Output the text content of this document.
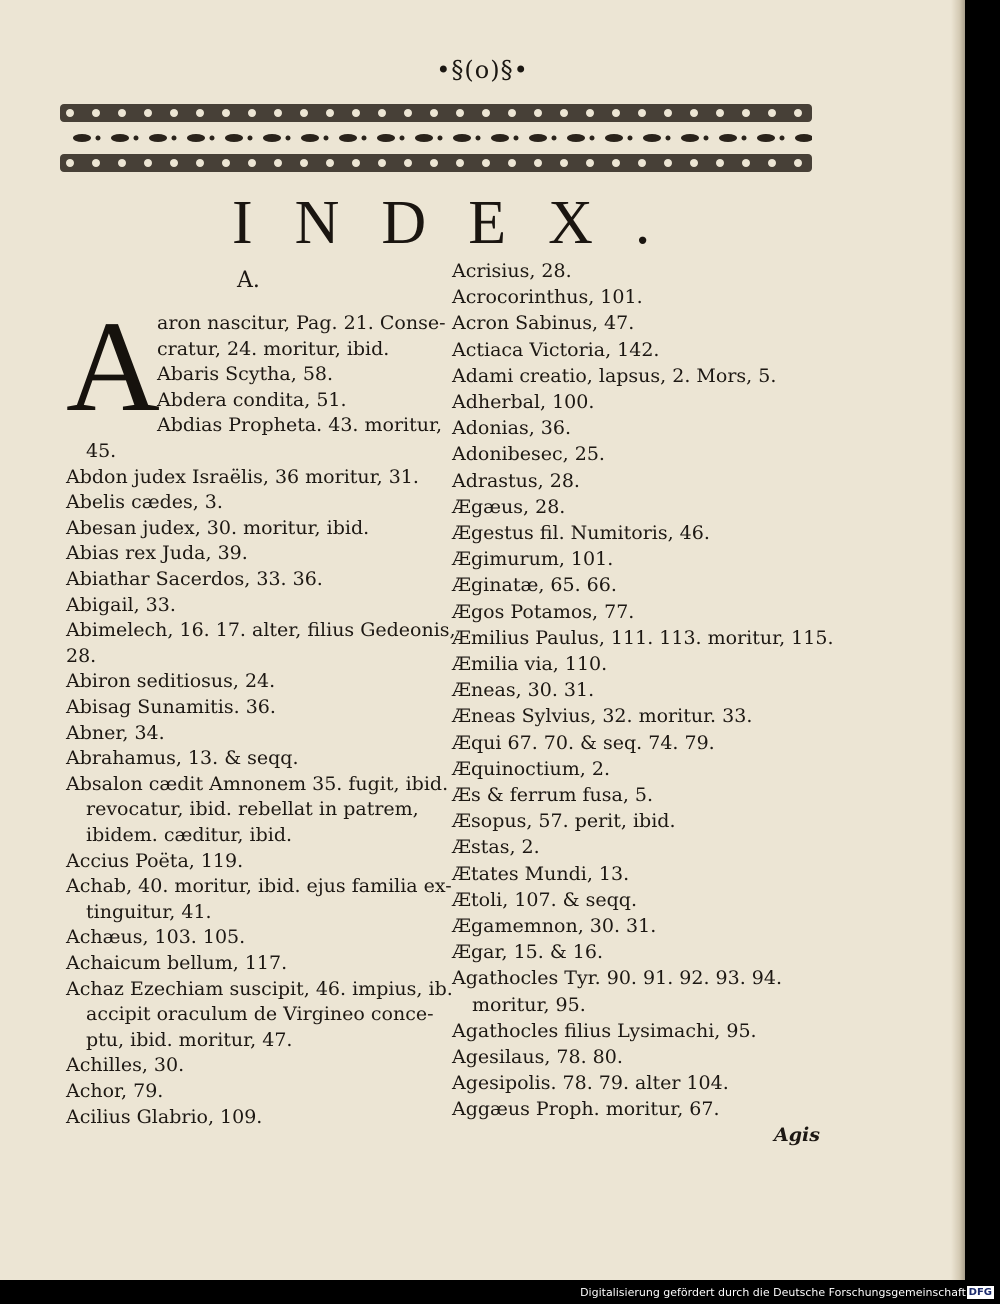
•§(o)§•
INDEX.
A.
A
aron nascitur, Pag. 21. Conse-
cratur, 24. moritur, ibid.
Abaris Scytha, 58.
Abdera condita, 51.
Abdias Propheta. 43. moritur,
45.
Abdon judex Israëlis, 36 moritur, 31.
Abelis cædes, 3.
Abesan judex, 30. moritur, ibid.
Abias rex Juda, 39.
Abiathar Sacerdos, 33. 36.
Abigail, 33.
Abimelech, 16. 17. alter, filius Gedeonis,
28.
Abiron seditiosus, 24.
Abisag Sunamitis. 36.
Abner, 34.
Abrahamus, 13. & seqq.
Absalon cædit Amnonem 35. fugit, ibid.
revocatur, ibid. rebellat in patrem,
ibidem. cæditur, ibid.
Accius Poëta, 119.
Achab, 40. moritur, ibid. ejus familia ex-
tinguitur, 41.
Achæus, 103. 105.
Achaicum bellum, 117.
Achaz Ezechiam suscipit, 46. impius, ib.
accipit oraculum de Virgineo conce-
ptu, ibid. moritur, 47.
Achilles, 30.
Achor, 79.
Acilius Glabrio, 109.
Acrisius, 28.
Acrocorinthus, 101.
Acron Sabinus, 47.
Actiaca Victoria, 142.
Adami creatio, lapsus, 2. Mors, 5.
Adherbal, 100.
Adonias, 36.
Adonibesec, 25.
Adrastus, 28.
Ægæus, 28.
Ægestus fil. Numitoris, 46.
Ægimurum, 101.
Æginatæ, 65. 66.
Ægos Potamos, 77.
Æmilius Paulus, 111. 113. moritur, 115.
Æmilia via, 110.
Æneas, 30. 31.
Æneas Sylvius, 32. moritur. 33.
Æqui 67. 70. & seq. 74. 79.
Æquinoctium, 2.
Æs & ferrum fusa, 5.
Æsopus, 57. perit, ibid.
Æstas, 2.
Ætates Mundi, 13.
Ætoli, 107. & seqq.
Ægamemnon, 30. 31.
Ægar, 15. & 16.
Agathocles Tyr. 90. 91. 92. 93. 94.
moritur, 95.
Agathocles filius Lysimachi, 95.
Agesilaus, 78. 80.
Agesipolis. 78. 79. alter 104.
Aggæus Proph. moritur, 67.
Agis
Digitalisierung gefördert durch die Deutsche Forschungsgemeinschaft DFG
